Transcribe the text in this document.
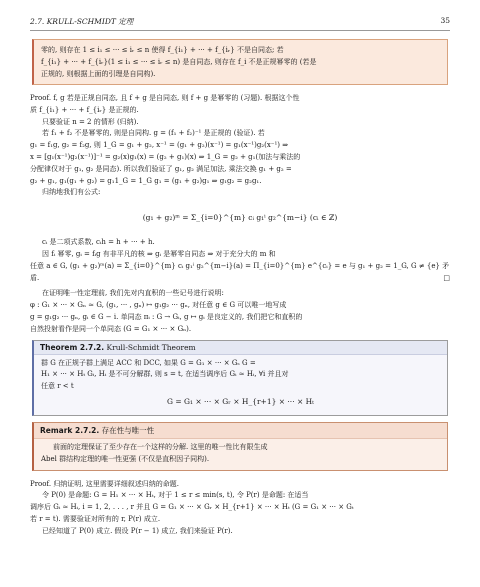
2.7. KRULL-SCHMIDT 定理	35

零的, 则存在 1 ≤ i₁ ≤ ··· ≤ iᵣ ≤ n 使得 f_{i₁} + ··· + f_{iᵣ} 不是自同态; 若

f_{i₁} + ··· + f_{iᵣ}(1 ≤ i₁ ≤ ··· ≤ iᵣ ≤ n) 是自同态, 则存在 f_i 不是正规幂零的 (若是

正规的, 则根据上面的引理是自同构).

Proof. f, g 若是正规自同态, 且 f + g 是自同态, 则 f + g 是幂零的 (习题). 根据这个性

质 f_{i₁} + ··· + f_{iᵣ} 是正规的.

只要验证 n = 2 的情形 (归纳).

若 f₁ + f₂ 不是幂零的, 则是自同构. g = (f₁ + f₂)⁻¹ 是正规的 (验证). 若

g₁ = f₁g, g₂ = f₂g, 则 1_G = g₁ + g₂, x⁻¹ = (g₁ + g₂)(x⁻¹) = g₁(x⁻¹)g₂(x⁻¹) ⇒

x = [g₁(x⁻¹)g₂(x⁻¹)]⁻¹ = g₂(x)g₁(x) = (g₂ + g₁)(x) ⇒ 1_G = g₂ + g₁(加法与乘法的

分配律仅对于 g₁, g₂ 是同态). 所以我们验证了 g₁, g₂ 满足加法, 乘法交换 g₁ + g₂ =

g₂ + g₁, g₁(g₁ + g₂) = g₁1_G = 1_G g₁ = (g₁ + g₂)g₁ ⇒ g₁g₂ = g₂g₁.

归纳地我们有公式:

(g₁ + g₂)ᵐ = Σ_{i=0}^{m} cᵢ g₁ⁱ g₂^{m−i} (cᵢ ∈ ℤ)

cᵢ 是二项式系数, cᵢh = h + ··· + h.

因 fᵢ 幂零, gᵢ = fᵢg 有非平凡的核 ⇒ gᵢ 是幂零自同态 ⇒ 对于充分大的 m 和

任意 a ∈ G, (g₁ + g₂)ᵐ(a) = Σ_{i=0}^{m} cᵢ g₁ⁱ g₂^{m−i}(a) = Π_{i=0}^{m} e^{cᵢ} = e 与 g₁ + g₂ = 1_G, G ≠ {e} 矛

盾.	□

在证明唯一性定理前, 我们先对内直积的一些记号进行说明:

φ : G₁ × ··· × Gₙ ≃ G, (g₁, ··· , gₙ) ↦ g₁g₂ ··· gₙ, 对任意 g ∈ G 可以唯一地写成

g = g₁g₂ ··· gₙ, gᵢ ∈ G − i. 单同态 πᵢ : G → Gᵢ, g ↦ gᵢ 是良定义的, 我们把它和直积的

自然投射看作是同一个单同态 (G = G₁ × ··· × Gₙ).

Theorem 2.7.2. Krull-Schmidt Theorem

群 G 在正规子群上满足 ACC 和 DCC, 如果 G = G₁ × ··· × Gₛ G =

H₁ × ··· × Hₜ Gᵢ, Hᵢ 是不可分解群, 则 s = t, 在适当调序后 Gᵢ ≃ Hᵢ, ∀i 并且对

任意 r < t

G = G₁ × ··· × Gᵣ × H_{r+1} × ··· × Hₜ
Remark 2.7.2. 存在性与唯一性

前面的定理保证了至少存在一个这样的分解. 这里的唯一性比有限生成

Abel 群结构定理的唯一性更强 (不仅是直积因子同构).

Proof. 归纳证明, 这里需要详细叙述归纳的命题.

令 P(0) 是命题: G = H₁ × ··· × Hₜ, 对于 1 ≤ r ≤ min(s, t), 令 P(r) 是命题: 在适当

调序后 Gᵢ ≃ Hᵢ, i = 1, 2, . . . , r 并且 G = G₁ × ··· × Gᵣ × H_{r+1} × ··· × Hₜ (G = G₁ × ··· × Gₜ

若 r = t). 需要验证对所有的 r, P(r) 成立.

已经知道了 P(0) 成立. 假设 P(r − 1) 成立, 我们来验证 P(r).
